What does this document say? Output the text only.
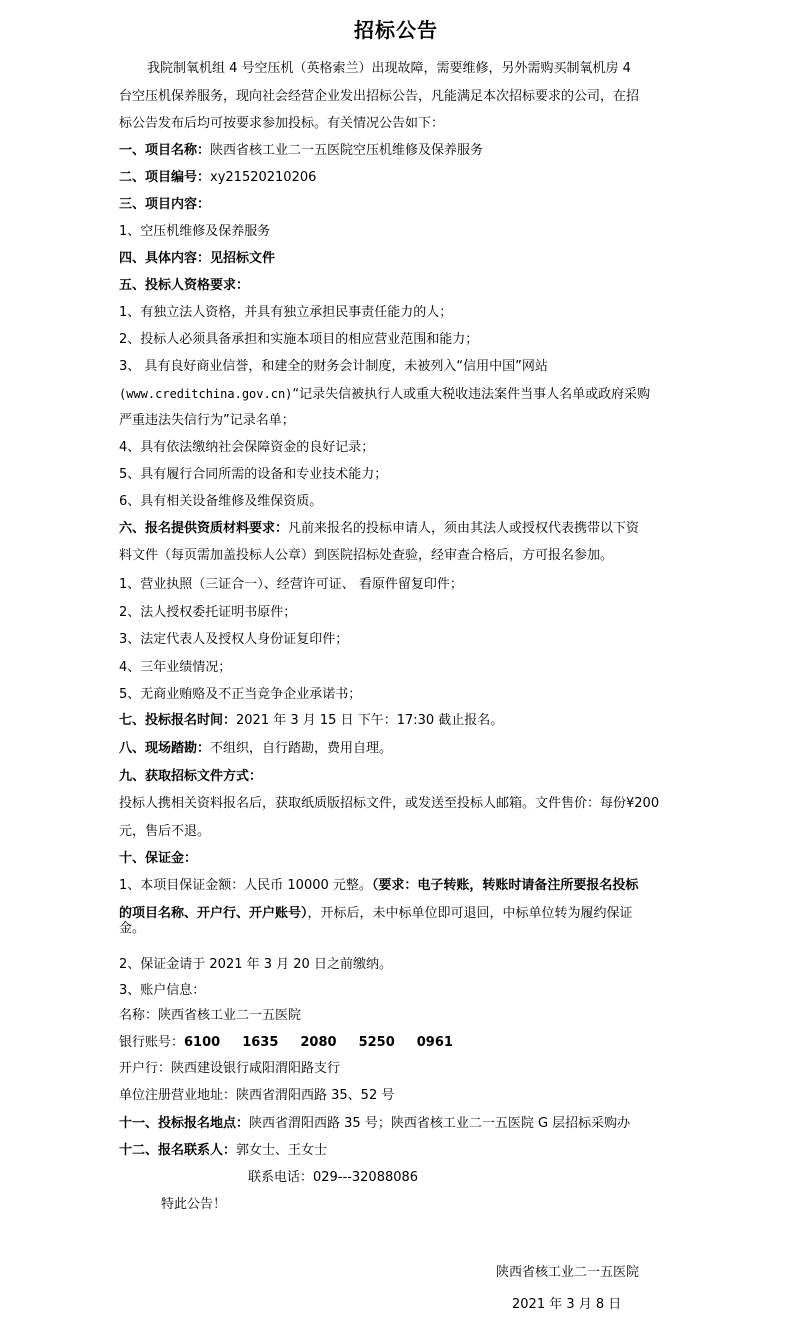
招标公告
我院制氧机组 4 号空压机（英格索兰）出现故障，需要维修，另外需购买制氧机房 4
台空压机保养服务，现向社会经营企业发出招标公告，凡能满足本次招标要求的公司，在招
标公告发布后均可按要求参加投标。有关情况公告如下：
一、项目名称：陕西省核工业二一五医院空压机维修及保养服务
二、项目编号：xy21520210206
三、项目内容：
1、空压机维修及保养服务
四、具体内容：见招标文件
五、投标人资格要求：
1、有独立法人资格，并具有独立承担民事责任能力的人；
2、投标人必须具备承担和实施本项目的相应营业范围和能力；
3、 具有良好商业信誉，和建全的财务会计制度，未被列入“信用中国”网站
(www.creditchina.gov.cn)“记录失信被执行人或重大税收违法案件当事人名单或政府采购
严重违法失信行为”记录名单；
4、具有依法缴纳社会保障资金的良好记录；
5、具有履行合同所需的设备和专业技术能力；
6、具有相关设备维修及维保资质。
六、报名提供资质材料要求：凡前来报名的投标申请人，须由其法人或授权代表携带以下资
料文件（每页需加盖投标人公章）到医院招标处查验，经审查合格后，方可报名参加。
1、营业执照（三证合一）、经营许可证、 看原件留复印件；
2、法人授权委托证明书原件；
3、法定代表人及授权人身份证复印件；
4、三年业绩情况；
5、无商业贿赂及不正当竞争企业承诺书；
七、投标报名时间：2021 年 3 月 15 日 下午：17:30 截止报名。
八、现场踏勘：不组织，自行踏勘，费用自理。
九、获取招标文件方式：
投标人携相关资料报名后，获取纸质版招标文件，或发送至投标人邮箱。文件售价：每份¥200
元，售后不退。
十、保证金：
1、本项目保证金额：人民币 10000 元整。（要求：电子转账，转账时请备注所要报名投标
的项目名称、开户行、开户账号），开标后，未中标单位即可退回，中标单位转为履约保证
金。
2、保证金请于 2021 年 3 月 20 日之前缴纳。
3、账户信息：
名称：陕西省核工业二一五医院
银行账号：6100 1635 2080 5250 0961
开户行：陕西建设银行咸阳渭阳路支行
单位注册营业地址：陕西省渭阳西路 35、52 号
十一、投标报名地点：陕西省渭阳西路 35 号；陕西省核工业二一五医院 G 层招标采购办
十二、报名联系人：郭女士、王女士
联系电话：029---32088086
特此公告！
陕西省核工业二一五医院
2021 年 3 月 8 日
